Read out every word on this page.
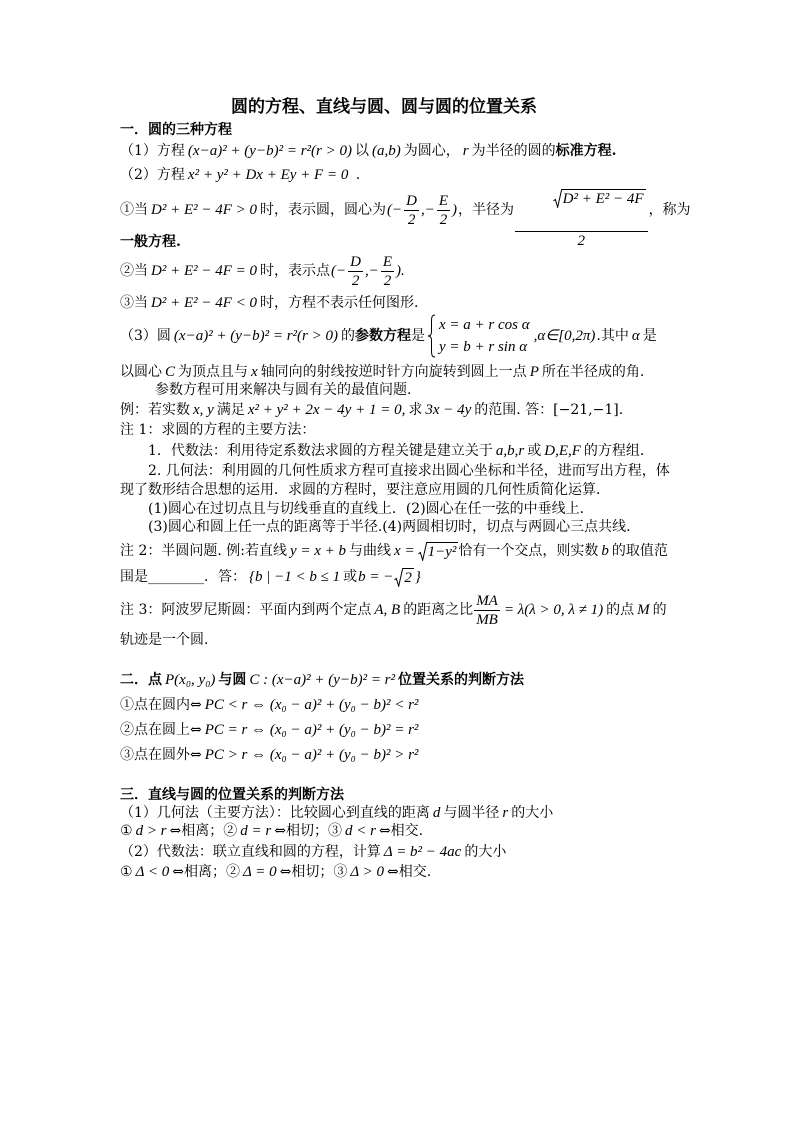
圆的方程、直线与圆、圆与圆的位置关系
一．圆的三种方程
（1）方程 (x−a)² + (y−b)² = r²(r > 0) 以 (a,b) 为圆心， r 为半径的圆的 标准方程.
（2）方程 x² + y² + Dx + Ey + F = 0 .
①当 D² + E² − 4F > 0 时，表示圆，圆心为 (− $\frac{D}{2}$ ,− $\frac{E}{2}$ ) ，半径为

$\frac{\text{D² + E² − 4F}}{2}$ ，称为
一般方程.
②当 D² + E² − 4F = 0 时，表示点 (− $\frac{D}{2}$ ,− $\frac{E}{2}$ ).
③当 D² + E² − 4F < 0 时，方程不表示任何图形.
（3）圆 (x−a)² + (y−b)² = r²(r > 0) 的 参数方程 是
x = a + r cos α
y = b + r sin α
,α∈[0,2π) .其中 α 是
以圆心 C 为顶点且与 x 轴同向的射线按逆时针方向旋转到圆上一点 P 所在半径成的角.
参数方程可用来解决与圆有关的最值问题.
例：若实数 x, y 满足 x² + y² + 2x − 4y + 1 = 0, 求 3x − 4y 的范围. 答：[−21,−1].
注 1：求圆的方程的主要方法：
1．代数法：利用待定系数法求圆的方程关键是建立关于 a,b,r 或 D,E,F 的方程组．
2. 几何法：利用圆的几何性质求方程可直接求出圆心坐标和半径，进而写出方程，体
现了数形结合思想的运用．求圆的方程时，要注意应用圆的几何性质简化运算．
(1)圆心在过切点且与切线垂直的直线上．(2)圆心在任一弦的中垂线上．
(3)圆心和圆上任一点的距离等于半径.(4)两圆相切时，切点与两圆心三点共线.
注 2：半圆问题. 例:若直线 y = x + b 与曲线 x = 1−y² 恰有一个交点，则实数 b 的取值范
围是 ________ ．答： {b | −1 < b ≤ 1 或 b = − 2 }
注 3：阿波罗尼斯圆：平面内到两个定点 A, B 的距离之比 $\frac{MA}{MB} = \lambda(\lambda > 0$, λ ≠ 1) 的点 M 的
轨迹是一个圆.
二．点 P(x₀, y₀) 与圆 C : (x−a)² + (y−b)² = r² 位置关系的判断方法
①点在圆内⇔ PC < r ⇔ (x₀ − a)² + (y₀ − b)² < r²
②点在圆上⇔ PC = r ⇔ (x₀ − a)² + (y₀ − b)² = r²
③点在圆外⇔ PC > r ⇔ (x₀ − a)² + (y₀ − b)² > r²
三．直线与圆的位置关系的判断方法
（1）几何法（主要方法）：比较圆心到直线的距离 d 与圆半径 r 的大小
① d > r ⇔相离；② d = r ⇔相切；③ d < r ⇔相交.
（2）代数法：联立直线和圆的方程，计算 Δ = b² − 4ac 的大小
① Δ < 0 ⇔相离；② Δ = 0 ⇔相切；③ Δ > 0 ⇔相交.
